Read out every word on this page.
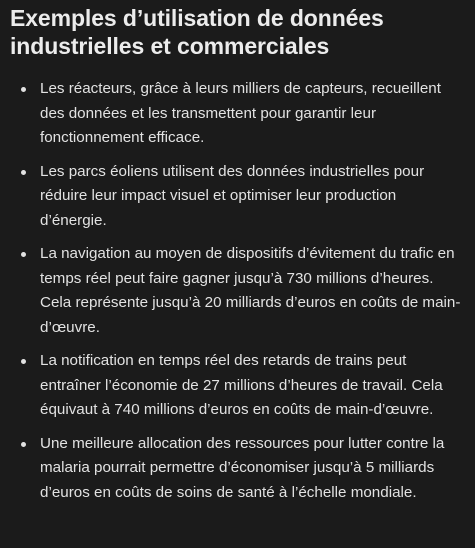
Exemples d’utilisation de données industrielles et commerciales
Les réacteurs, grâce à leurs milliers de capteurs, recueillent des données et les transmettent pour garantir leur fonctionnement efficace.
Les parcs éoliens utilisent des données industrielles pour réduire leur impact visuel et optimiser leur production d’énergie.
La navigation au moyen de dispositifs d’évitement du trafic en temps réel peut faire gagner jusqu’à 730 millions d’heures. Cela représente jusqu’à 20 milliards d’euros en coûts de main-d’œuvre.
La notification en temps réel des retards de trains peut entraîner l’économie de 27 millions d’heures de travail. Cela équivaut à 740 millions d’euros en coûts de main-d’œuvre.
Une meilleure allocation des ressources pour lutter contre la malaria pourrait permettre d’économiser jusqu’à 5 milliards d’euros en coûts de soins de santé à l’échelle mondiale.
